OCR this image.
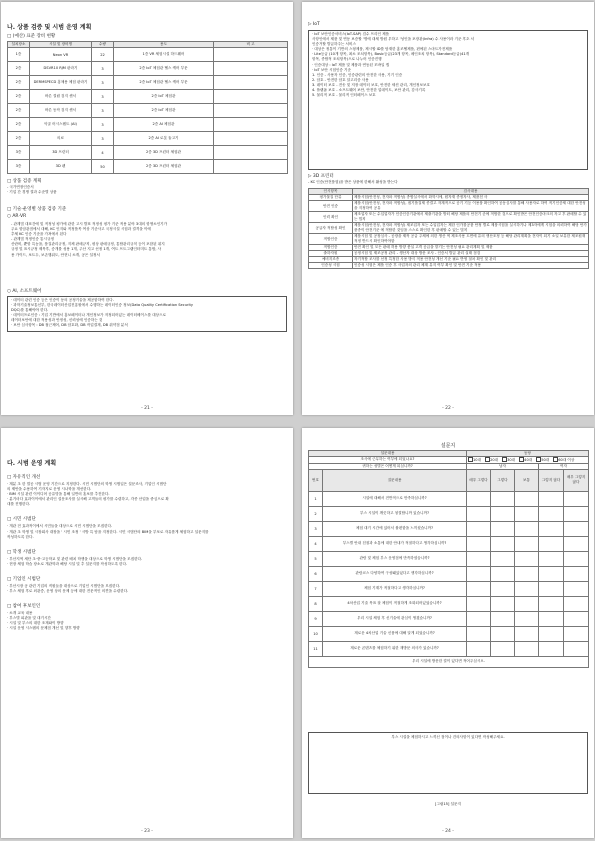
나. 상품 검증 및 시범 운영 계획
□ (예산) 표준 장비 현황
설치장소	시설 및 장비명	수량	용도	비 고
1층	Neon VR	22	1층 VR 체험시설 하드웨어	
2층	DSVR10 RJM 판라기	3	2층 IoT 체험관 헬스 케어 부문	
2층	DERMSPECD 홍채용 체험 판라기	3	2층 IoT 체험관 헬스 케어 부문	
2층	바른 결림 검지 센서	3	2층 IoT 체험관	
2층	바른 동작 검지 센서	3	2층 IoT 체험관	
2층	악골 어시스템트 (AI)	3	2층 AI 체험관	
2층	의료	3	2층 AI 로봇 둘고기	
3층	3D 프린터	4	2층 3D 프린터 체험관	
3층	3D 펜	50	2층 3D 프린터 체험관	
□ 상품 검증 계획

- 국가연장인증서

· 기업 간 경쟁 결과 수준별 상품

□ 기술·운영별 상품 검증 기준
○ AR·VR

- 관계법 대표간에 및 적정성 평가에 관한 고시 발표 적정성 평가 기준 적용 분야 3대의 항생소인기가

주요 항암관점에서 대해, KC 인지와 적정품목 여상 기준사고 국정시설 시험과 결격을 이에

추체 KC 인증 기준을 가져에서 된다

- 관계법 적정인증 통시규정

산란비, 뿐항 특농을, 품질관리규정, 지체 판매규칙, 평상 판매규정, 통합관리규칙 등이 포함된 취지

규정 및 표시규정 제목후, 증개를 성용 1개, 주산 지고 선정 1개, 여트 프트그램인터미트 통합, 사

용 가이드, 보트두, 보존행위도, 안현니 소개, 공은 설정서

○ AI, 소프트웨어

· 데이터 관련 인증 등은 인증이 동의 공정기술을 제공함하여 한다.

· 과학기술정보통신부, 한국데이터산업진흥원에서 수행하는 데이터인증 정보(Data Quality Certification Security

DQC)를 통해야야 한다.

· 데이터프로인증 : 기업 기반에서 홍보페이터나 개인정보가 저정되어있는 데이터베이스를 대상으로

데이터보안에 대한 적용성과 안정성, 신뢰성에 인증하는 것

· 보안 심사항목 : DB 접근제어, DB 암호화, DB 작업결재, DB 취약점 분석

- 21 -
▷ IoT

· IoT 보안인증서비스(IoT-SAP) 검수 프리인 제품

사항인에서 제품 및 연동 보증할 '명에 대체 방원 우하고 '성인을 포장관(Infra) 수 사용이라 기준 후초 서

인증거할 발급하주는 서비스

· 대상은 정통이 기반의 스형제품, 제시할 ID를 탐재한 홍조헬제품, 편에된 스마트가전제품

· Lite등급 (10개 항목, 최소 조치항목), Basic등급(23개 항목, 메인조치 항목), Standard등급(41개

항목, 종합적 조치항목)으로 나누어 인증진행

· 인증대상 : IoT 제품 및 제품과 연동된 모바일 앱

· IoT 보안 시험인증 기준

1. 인증 - 사용자 인증, 인증관련의 안전한 사용, 기기 인증

2. 암호 - 안전한 암호 알고리즘 사용

3. 데이터 보호 - 전송 및 저장 데이터 보호, 안전한 세션 관리, 개인정보보호

4. 플랫폼 보호 - 소프트웨어 보안, 안전한 업데이트, 보안 관리, 감사기록

5. 물리적 보호 - 물리적 인터페이스 보호

▷ 3D 프린터
- KC 인증(안전품험)을 받은 상품에 한해서 활성을 받는다
인시항목	검사대용
평가물질 단류	제품시험(안전성, 전자파 적합성) 종합실시에서 화학시에, 원자재 종정자사, 제품천 사
안전 인증	제품시험(안전성, 전자파 적합성), 접기품질제 종결고 자계적으로 공기 기등 이용품 확인하여 공동심사를 통해 사용자로 하여 적기인증제 대한 안전성을 지정하여 공유
인력 확인	제조업자 또는 수입업자가 인증인증기관에서 제출기관을 방터 해당 제품의 안전기 준에 적합한 것으로 확인받은 안전인증마크의 자고 후 판매할 수 있는 법칙
공급자 적합성 확인	제품시험(안전성, 전자파 적합성) 제조업자 또는 수입업자는 제한 인가를공품 안정 별로 제품시험을 실시하기나 제3자에게 시험을 의뢰하여 해당 안가품종이 안전기준 에 적합한 것임을 스스로 확인한 후 판매할 수 있는 법칙
적합인증	제품시험 및 공장심사 - 공장을 제작 공급 주체에 의한 생산 역 제조사용 도면에 유의 생산조정 등 해당 관리계획을 전자이 되기 소일 보유한 제조원재 적정 반드시 확인하여야함
적합인증	안전 확인 및 모든 판매 허용 방향 충실 고객 공급을 맡기는 안전성 필요 관리계획 및 제품
출하자원	공정시험 및 제조공정 관리 - 생산자 대상 방문 조사 - 인증서 발급 관리 실태 점검
예비지조종	자기적합 조사를 선정 특정한 사용 방식 적용 안전성 개선 기준 필요 반영 절차 확인 및 관리
인증성 시험	인증성 시험은 제품 인증 후 사업자의 관리 체계 유지 여부 확인 및 안전 기준 적용
- 22 -
다. 시범 운영 계획
□ 자유직인 개선

· 계분 초 한 멸공 시범 운영 기간으로 지정한다. 시민 시범단의 학생 시범입은 설문조사, 기업인 시범단

의 제안을 수용하여 기자지로 운영 시나학을 개선한다.

· BIM 시설 관련 이이디어 공유망을 통해 일반의 홍보를 추진한다.

· 분기마다 효과이이에서 관리인 설문조사를 실시해 고객들의 평가를 수렴하고, 각종 산업을 중심으로 확

대를 진행한다.

□ 시민 시범단

· 개관 전 효과적이에서 시민들을 대상으로 시민 시범단을 모집한다.

· 개관 초 학생 및 시장회사 대장을 ' 시민 조정 ' 시방 특 탐을 지정한다. 시민 시범단의 BIM을 부포로 자유롭게 체험하고 설문지를

작성하도록 한다.

□ 학생 시범단

· 부산지역 세단 초·중·고등학교 및 관련 배치 학생을 대상으로 학생 시범단을 모집한다.

· 현장 체험 학습 장소로 개관학과 해당 시설 및 추 설문지를 작성하도록 한다.

□ 기업인 시범단

· 부산시장 공 관련 기업의 직원들을 대상으로 기업인 시범단을 모집한다.

· 부스 체험 후로 외관층, 운영 상의 문제 등에 대한 전문적인 의견을 수렴한다.

□ 참여 후보인인

· 소개 교육 내용

· 부스별 피관을 및 대기시간

· 시설 및 부스의 대한 조재와이 방향

· 시설 운영 시스템의 문제점 개선 및 향후 방향

- 23 -
설문지
설문대용		동당				
조사에 근무하는 여부에 되었나요?		10대 20대 30대 40대 50대 60대 이상				
귀하는 성별은 어떻게 되십니까?		남자			여자	
번호	질문내용	매우 그렇다	그렇다	보통	그렇지 않다	매우 그렇지 않다
1	시설에 대해서 전반적으로 만족하십니까?					
2	부스 시설이 깨끗하고 청결합니까 있습니까?					
3	체험 대기 시간에 있어서 불편함을 느끼셨습니까?					
4	부스별 안내 친절과 소통에 대한 안내가 적절하다고 생각하십니까?					
5	관람 및 체험 부스 운영점에 만족하셨습니까?					
6	관람코스 다양하여 구성돼있었다고 생각하십니까?					
7	체험 기계가 적절하다고 생각하십니까?					
8	4차산업 기술 목표 잘 체험이 적절하게 조화되어있었습니까?					
9	우리 시설 체험 후 신기술에 관심이 생겼습니까?					
10	재로운 4차산업 기술 신품에 대해 알게 되었습니까?					
11	재로운 콘텐츠를 체험하기 위한 재방문 의사가 있습니까?					
우리 시설에 방문한 결이 있다면 적어주십시오.						
부스 시설을 체험하시고 느끼신 점이나 건의사항이 있다면 작성해주세요.
[그림15] 설문지
- 24 -
